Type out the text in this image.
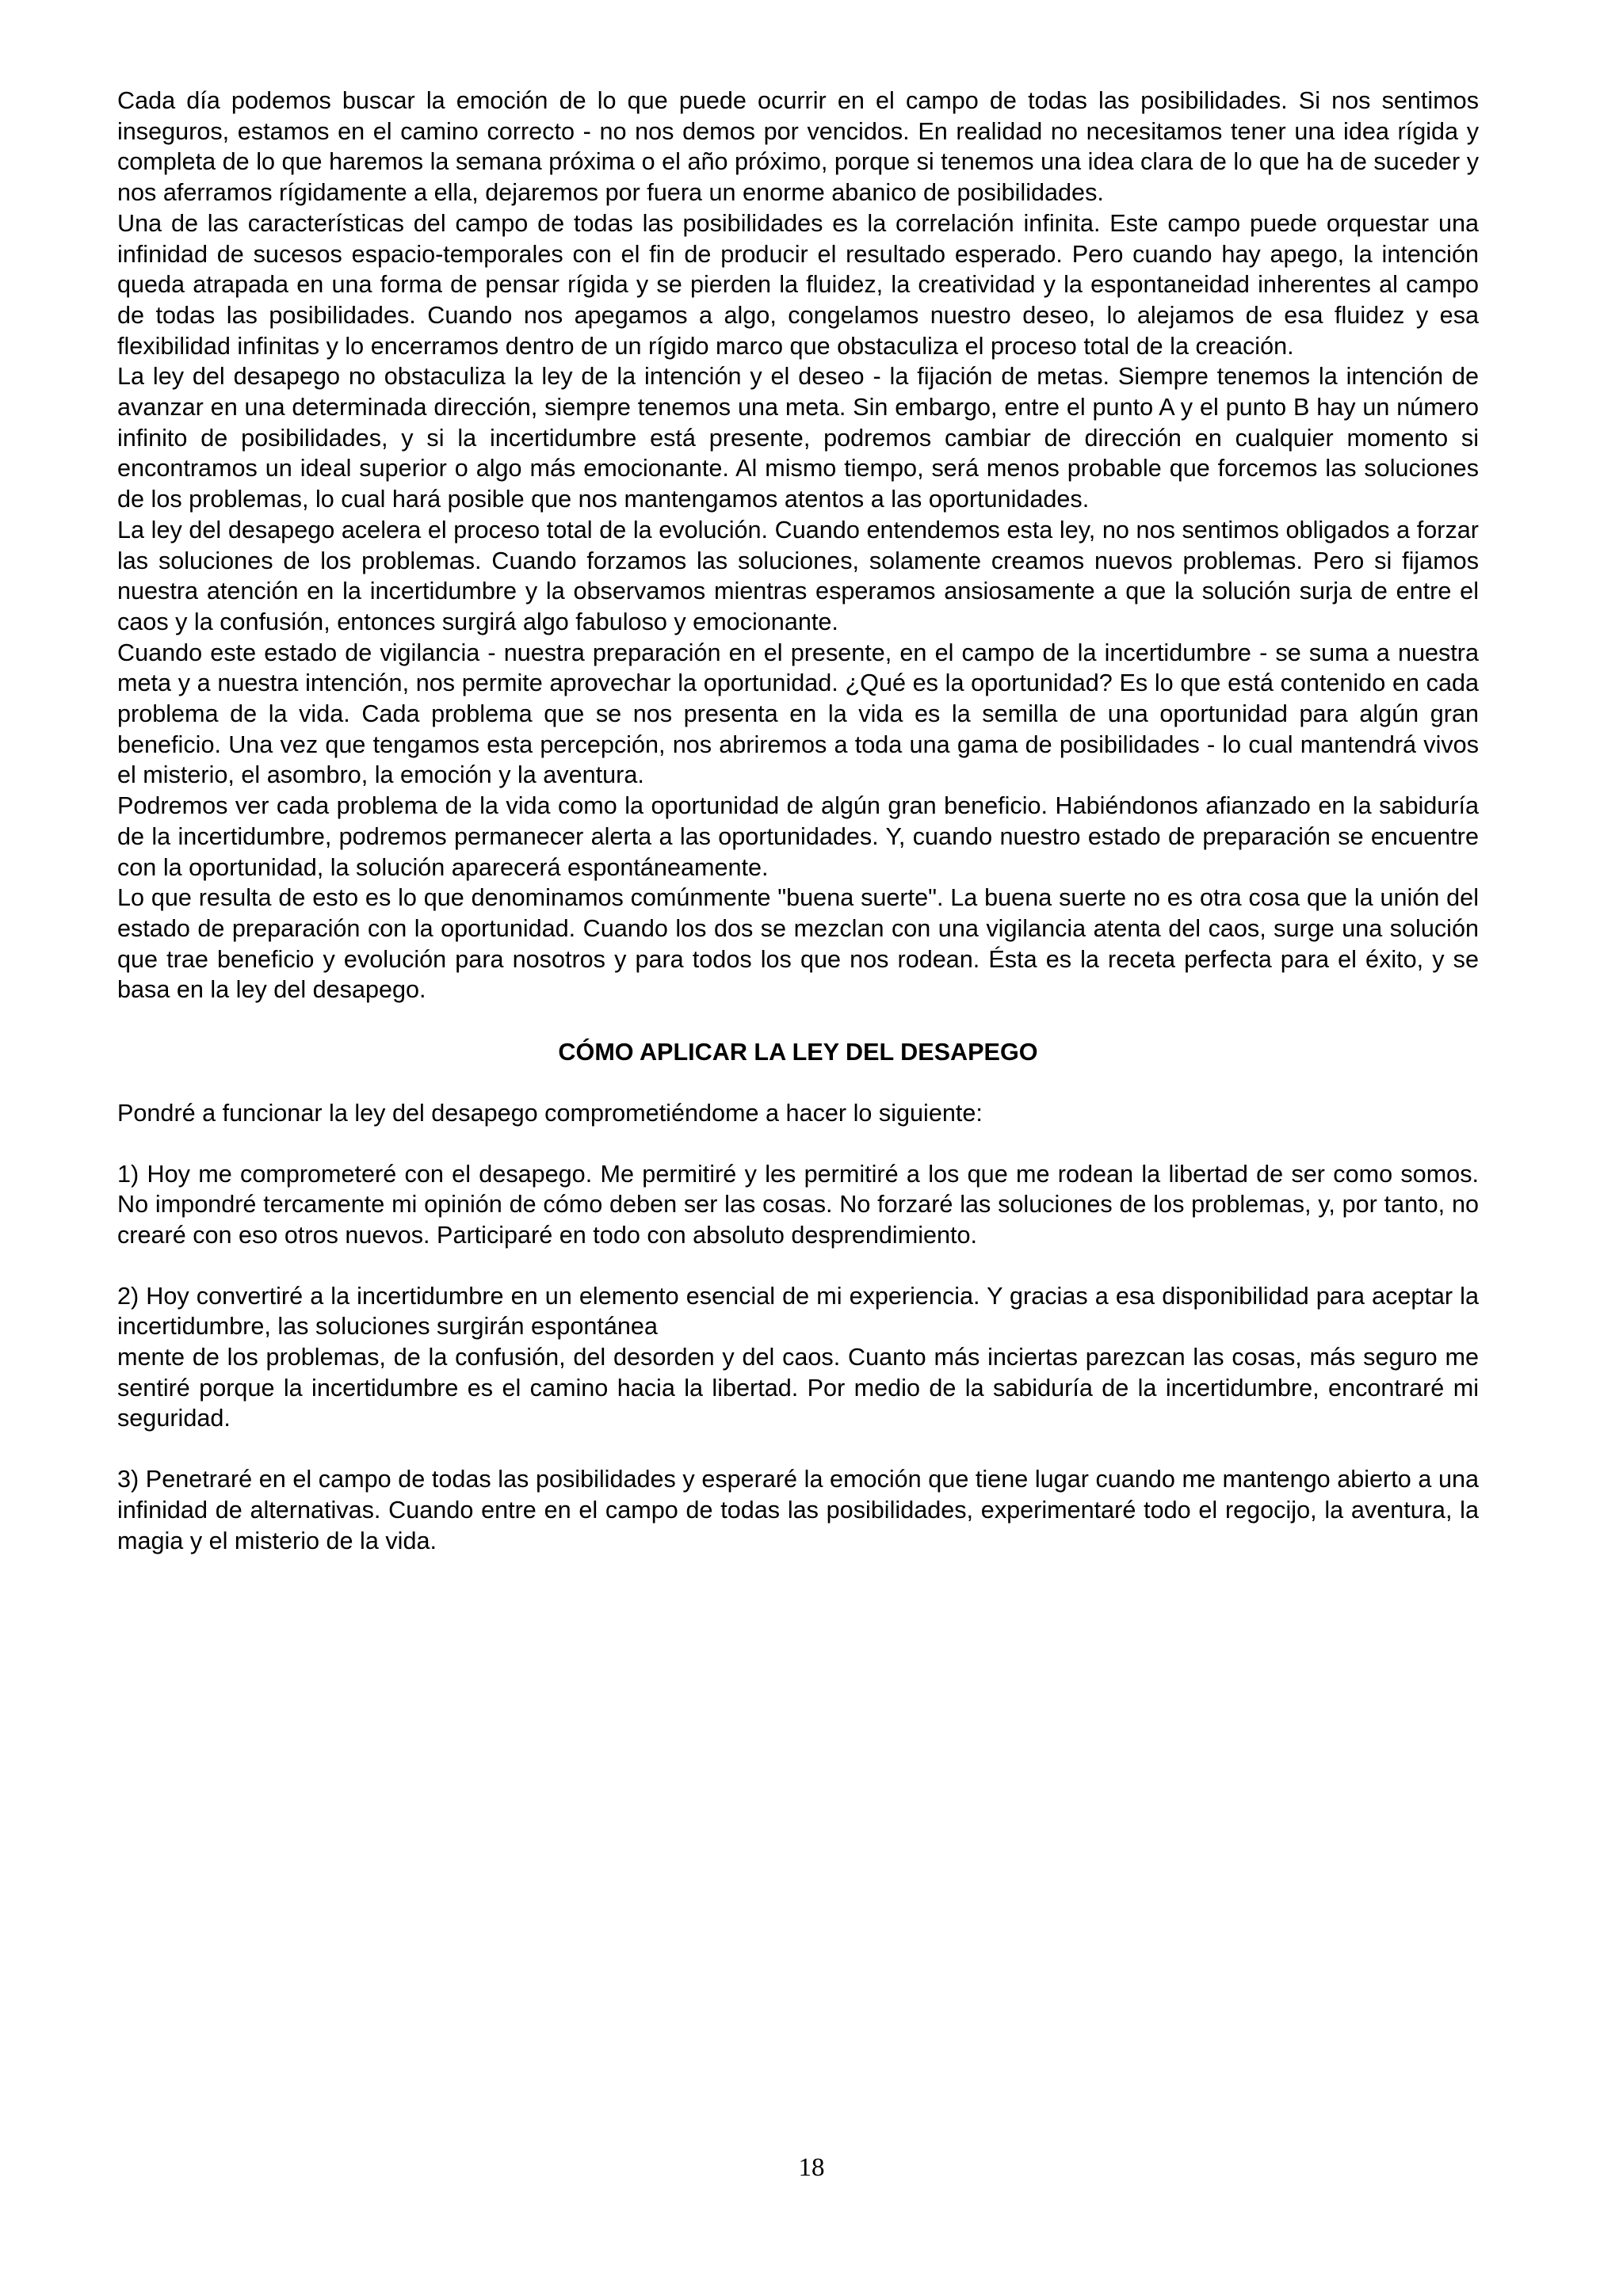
Cada día podemos buscar la emoción de lo que puede ocurrir en el campo de todas las posibilidades. Si nos sentimos inseguros, estamos en el camino correcto - no nos demos por vencidos. En realidad no necesitamos tener una idea rígida y completa de lo que haremos la semana próxima o el año próximo, porque si tenemos una idea clara de lo que ha de suceder y nos aferramos rígidamente a ella, dejaremos por fuera un enorme abanico de posibilidades.

Una de las características del campo de todas las posibilidades es la correlación infinita. Este campo puede orquestar una infinidad de sucesos espacio-temporales con el fin de producir el resultado esperado. Pero cuando hay apego, la intención queda atrapada en una forma de pensar rígida y se pierden la fluidez, la creatividad y la espontaneidad inherentes al campo de todas las posibilidades. Cuando nos apegamos a algo, congelamos nuestro deseo, lo alejamos de esa fluidez y esa flexibilidad infinitas y lo encerramos dentro de un rígido marco que obstaculiza el proceso total de la creación.

La ley del desapego no obstaculiza la ley de la intención y el deseo - la fijación de metas. Siempre tenemos la intención de avanzar en una determinada dirección, siempre tenemos una meta. Sin embargo, entre el punto A y el punto B hay un número infinito de posibilidades, y si la incertidumbre está presente, podremos cambiar de dirección en cualquier momento si encontramos un ideal superior o algo más emocionante. Al mismo tiempo, será menos probable que forcemos las soluciones de los problemas, lo cual hará posible que nos mantengamos atentos a las oportunidades.

La ley del desapego acelera el proceso total de la evolución. Cuando entendemos esta ley, no nos sentimos obligados a forzar las soluciones de los problemas. Cuando forzamos las soluciones, solamente creamos nuevos problemas. Pero si fijamos nuestra atención en la incertidumbre y la observamos mientras esperamos ansiosamente a que la solución surja de entre el caos y la confusión, entonces surgirá algo fabuloso y emocionante.

Cuando este estado de vigilancia - nuestra preparación en el presente, en el campo de la incertidumbre - se suma a nuestra meta y a nuestra intención, nos permite aprovechar la oportunidad. ¿Qué es la oportunidad? Es lo que está contenido en cada problema de la vida. Cada problema que se nos presenta en la vida es la semilla de una oportunidad para algún gran beneficio. Una vez que tengamos esta percepción, nos abriremos a toda una gama de posibilidades - lo cual mantendrá vivos el misterio, el asombro, la emoción y la aventura.

Podremos ver cada problema de la vida como la oportunidad de algún gran beneficio. Habiéndonos afianzado en la sabiduría de la incertidumbre, podremos permanecer alerta a las oportunidades. Y, cuando nuestro estado de preparación se encuentre con la oportunidad, la solución aparecerá espontáneamente.

Lo que resulta de esto es lo que denominamos comúnmente "buena suerte". La buena suerte no es otra cosa que la unión del estado de preparación con la oportunidad. Cuando los dos se mezclan con una vigilancia atenta del caos, surge una solución que trae beneficio y evolución para nosotros y para todos los que nos rodean. Ésta es la receta perfecta para el éxito, y se basa en la ley del desapego.

CÓMO APLICAR LA LEY DEL DESAPEGO

Pondré a funcionar la ley del desapego comprometiéndome a hacer lo siguiente:

1) Hoy me comprometeré con el desapego. Me permitiré y les permitiré a los que me rodean la libertad de ser como somos. No impondré tercamente mi opinión de cómo deben ser las cosas. No forzaré las soluciones de los problemas, y, por tanto, no crearé con eso otros nuevos. Participaré en todo con absoluto desprendimiento.

2) Hoy convertiré a la incertidumbre en un elemento esencial de mi experiencia. Y gracias a esa disponibilidad para aceptar la incertidumbre, las soluciones surgirán espontánea
mente de los problemas, de la confusión, del desorden y del caos. Cuanto más inciertas parezcan las cosas, más seguro me sentiré porque la incertidumbre es el camino hacia la libertad. Por medio de la sabiduría de la incertidumbre, encontraré mi seguridad.

3) Penetraré en el campo de todas las posibilidades y esperaré la emoción que tiene lugar cuando me mantengo abierto a una infinidad de alternativas. Cuando entre en el campo de todas las posibilidades, experimentaré todo el regocijo, la aventura, la magia y el misterio de la vida.

18
